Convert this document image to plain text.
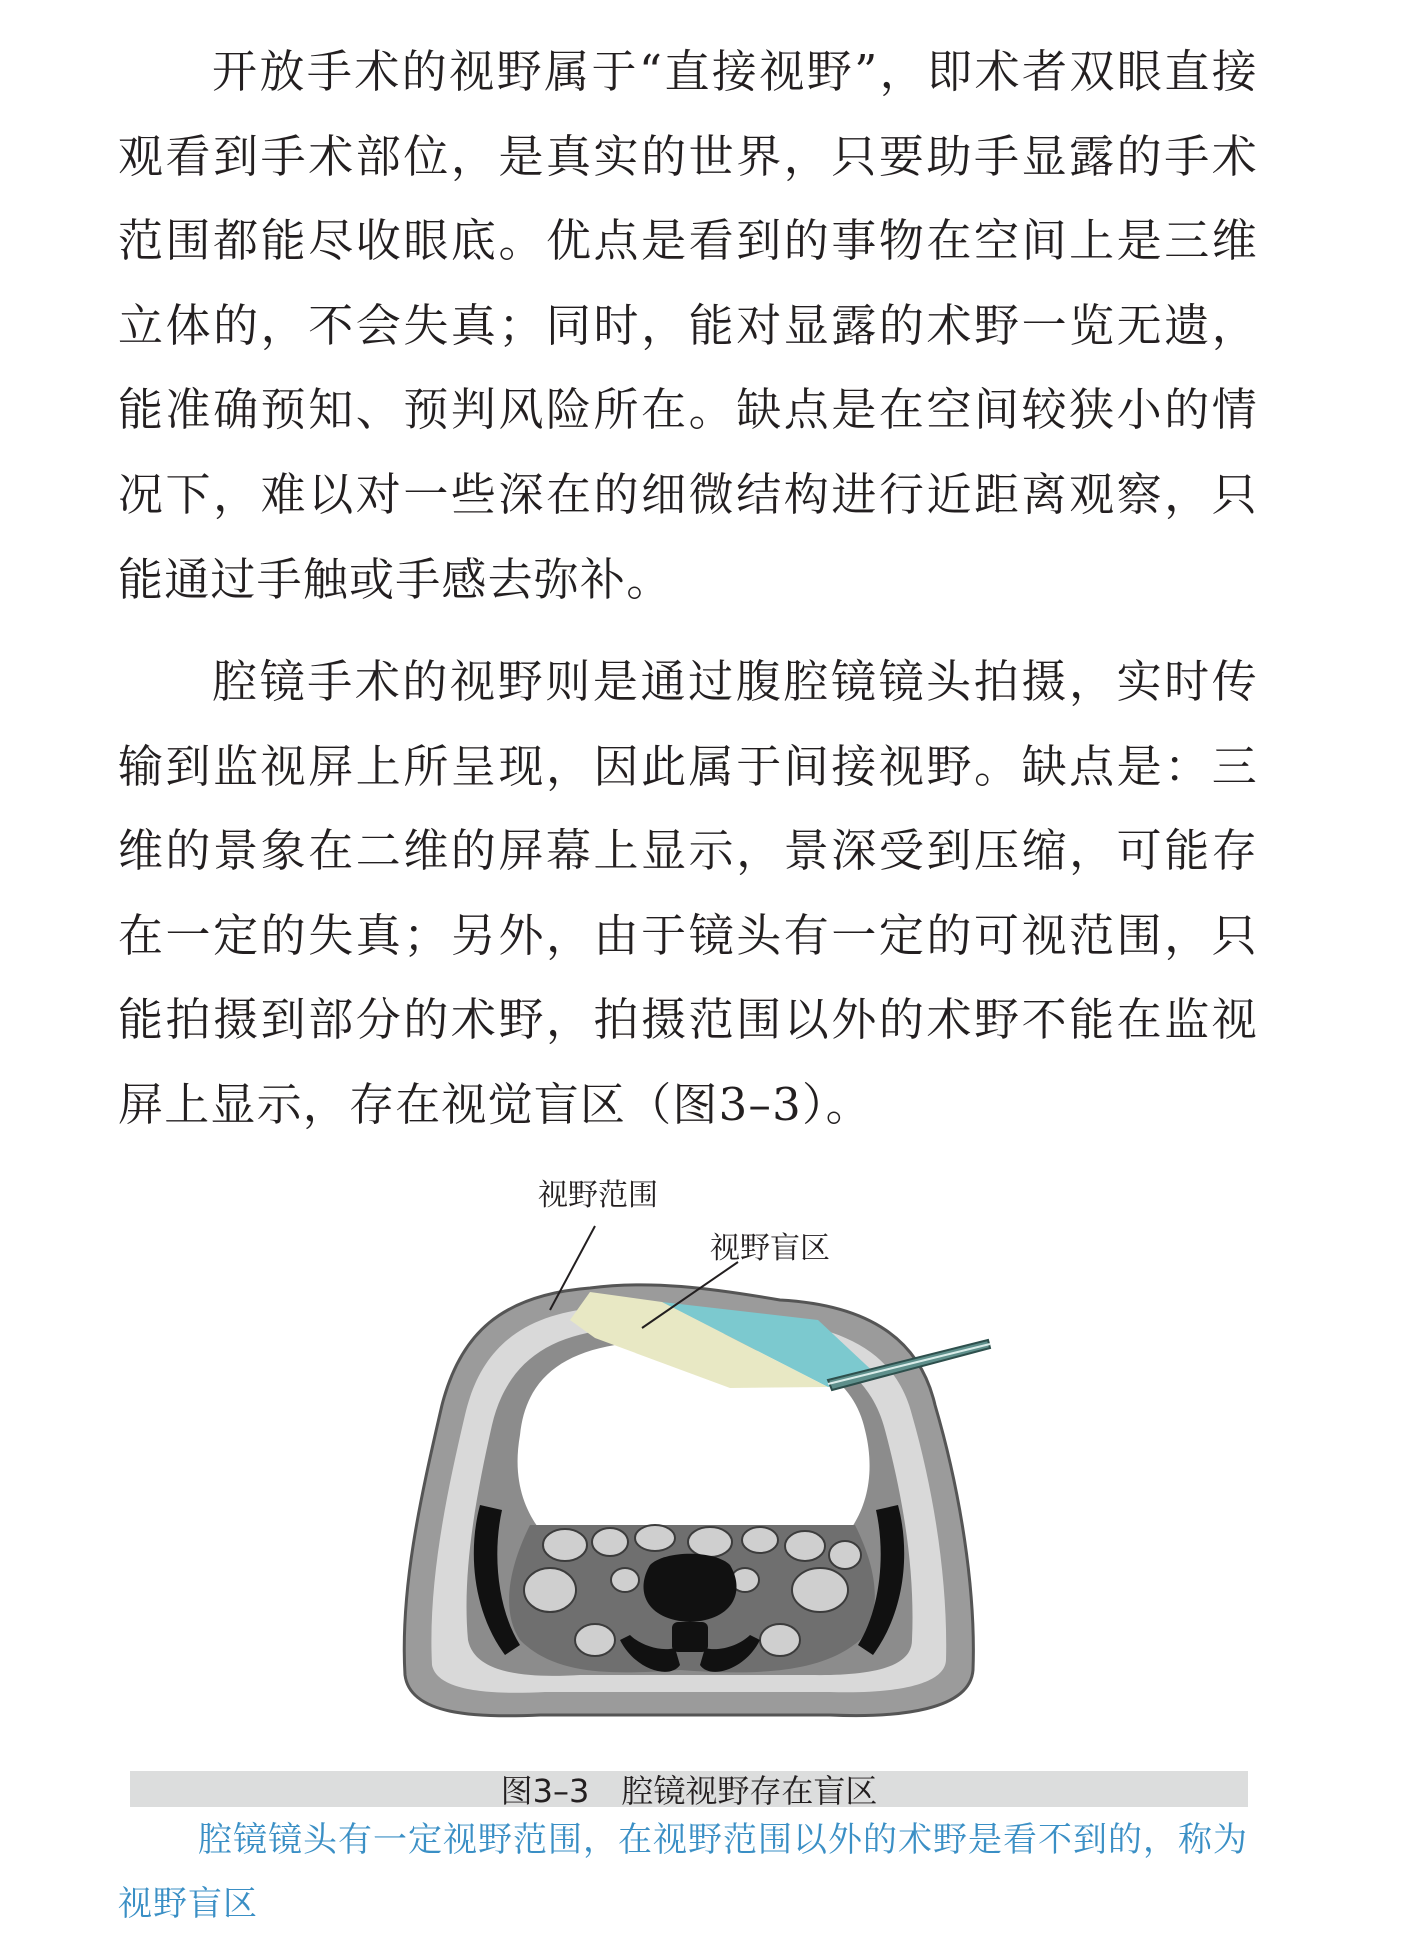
开放手术的视野属于“直接视野”，即术者双眼直接观看到手术部位，是真实的世界，只要助手显露的手术范围都能尽收眼底。优点是看到的事物在空间上是三维立体的，不会失真；同时，能对显露的术野一览无遗，能准确预知、预判风险所在。缺点是在空间较狭小的情况下，难以对一些深在的细微结构进行近距离观察，只能通过手触或手感去弥补。

腔镜手术的视野则是通过腹腔镜镜头拍摄，实时传输到监视屏上所呈现，因此属于间接视野。缺点是：三维的景象在二维的屏幕上显示，景深受到压缩，可能存在一定的失真；另外，由于镜头有一定的可视范围，只能拍摄到部分的术野，拍摄范围以外的术野不能在监视屏上显示，存在视觉盲区（图3–3）。

视野范围
视野盲区
图3–3 腔镜视野存在盲区

腔镜镜头有一定视野范围，在视野范围以外的术野是看不到的，称为视野盲区
